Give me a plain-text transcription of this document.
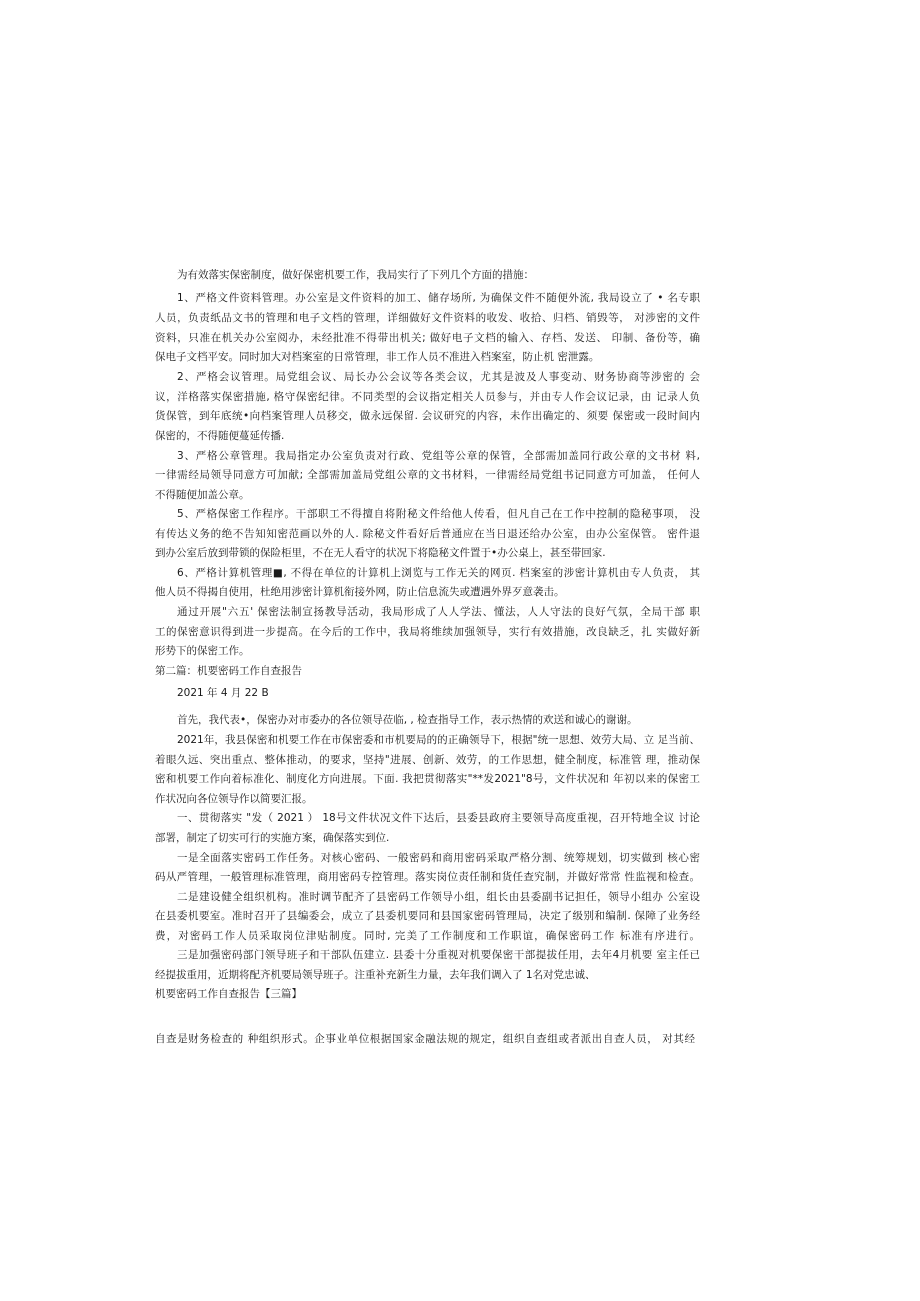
为有效落实保密制度，做好保密机要工作，我局实行了下列几个方面的措施：
1、严格文件资料管理。办公室是文件资料的加工、储存场所, 为确保文件不随便外流, 我局设立了 • 名专职
人员，负责纸品文书的管理和电子文档的管理，详细做好文件资料的收发、收拾、归档、销毁等， 对涉密的文件
资料，只准在机关办公室阅办，未经批准不得带出机关; 做好电子文档的输入、存档、发送、 印制、备份等，确
保电子文档平安。同时加大对档案室的日常管理，非工作人员不准进入档案室，防止机 密泄露。
2、严格会议管理。局党组会议、局长办公会议等各类会议，尤其是波及人事变动、财务协商等涉密的 会
议，洋格落实保密措施, 格守保密纪律。不同类型的会议指定相关人员参与，并由专人作会议记录，由 记录人负
货保管，到年底统•向档案管理人员移交，做永远保留. 会议研究的内容，未作出确定的、须要 保密或一段时间内
保密的，不得随便蔓延传播.
3、严格公章管理。我局指定办公室负责对行政、党组等公章的保管，全部需加盖同行政公章的文书材 料,
一律需经局领导同意方可加献; 全部需加盖局党组公章的文书材料，一律需经局党组书记同意方可加盖， 任何人
不得随便加盖公章。
5、严格保密工作程序。干部职工不得擅自将附秘文件给他人传看，但凡自己在工作中控制的隐秘事项， 没
有传达义务的绝不告知知密范画以外的人. 除秘文件看好后普通应在当日退还给办公室，由办公室保管。 密件退
到办公室后放到带锁的保险柜里，不在无人看守的状况下将隐秘文件置于•办公桌上，甚至带回家.
6、严格计算机管理■, 不得在单位的计算机上浏览与工作无关的网页. 档案室的涉密计算机由专人负责， 其
他人员不得揭自使用，杜绝用涉密计算机衔接外网，防止信息流失或遭遇外界歹意袭击。
通过开展"六五' 保密法制宣扬教导活动，我局形成了人人学法、懂法，人人守法的良好气氛，全局干部 职
工的保密意识得到进一步提高。在今后的工作中，我局将维续加强领导，实行有效措施，改良缺乏，扎 实做好新
形势下的保密工作。
第二篇：机要密码工作自查报告
2021 年 4 月 22 B
首先，我代表•，保密办对市委办的各位领导莅临, , 检查指导工作，表示热情的欢送和诚心的谢谢。
2021年，我县保密和机要工作在市保密委和市机要局的的正确领导下，根据"统一思想、效劳大局、立 足当前、
着眼久远、突出重点、整体推动，的要求，坚持"进展、创新、效劳，的工作思想，健全制度，标准管 理，推动保
密和机要工作向着标准化、制度化方向进展。下面. 我把贯彻落实"**发2021"8号，文件状况和 年初以来的保密工
作状况向各位领导作以简要汇报。
一、贯彻落实 "发（ 2021 ） 18号文件状况文件下达后，县委县政府主要领导高度重视，召开特地全议 讨论
部署，制定了切实可行的实施方案，确保落实到位.
一是全面落实密码工作任务。对核心密码、一般密码和商用密码采取严格分割、统筹规划，切实做到 核心密
码从严管理，一般管理标准管理，商用密码专控管理。落实岗位责任制和货任查究制，并做好常常 性监视和检查。
二是建设健全组织机构。准时调节配齐了县密码工作领导小组，组长由县委副书记担任，领导小组办 公室设
在县委机要室。准时召开了县编委会，成立了县委机要同和县国家密码管理局，决定了级别和编制. 保障了业务经
费，对密码工作人员采取岗位津贴制度。同时, 完美了工作制度和工作职谊，确保密码工作 标准有序进行。
三是加强密码部门领导班子和干部队伍建立. 县委十分重视对机要保密干部提拔任用，去年4月机要 室主任已
经提拔重用，近期将配齐机要局领导班子。注重补充新生力量，去年我们调入了 1名对党忠诚、
机要密码工作自查报告【三篇】
自查是财务检查的 种组织形式。企事业单位根据国家金融法规的规定，组织自查组或者派出自查人员， 对其经
